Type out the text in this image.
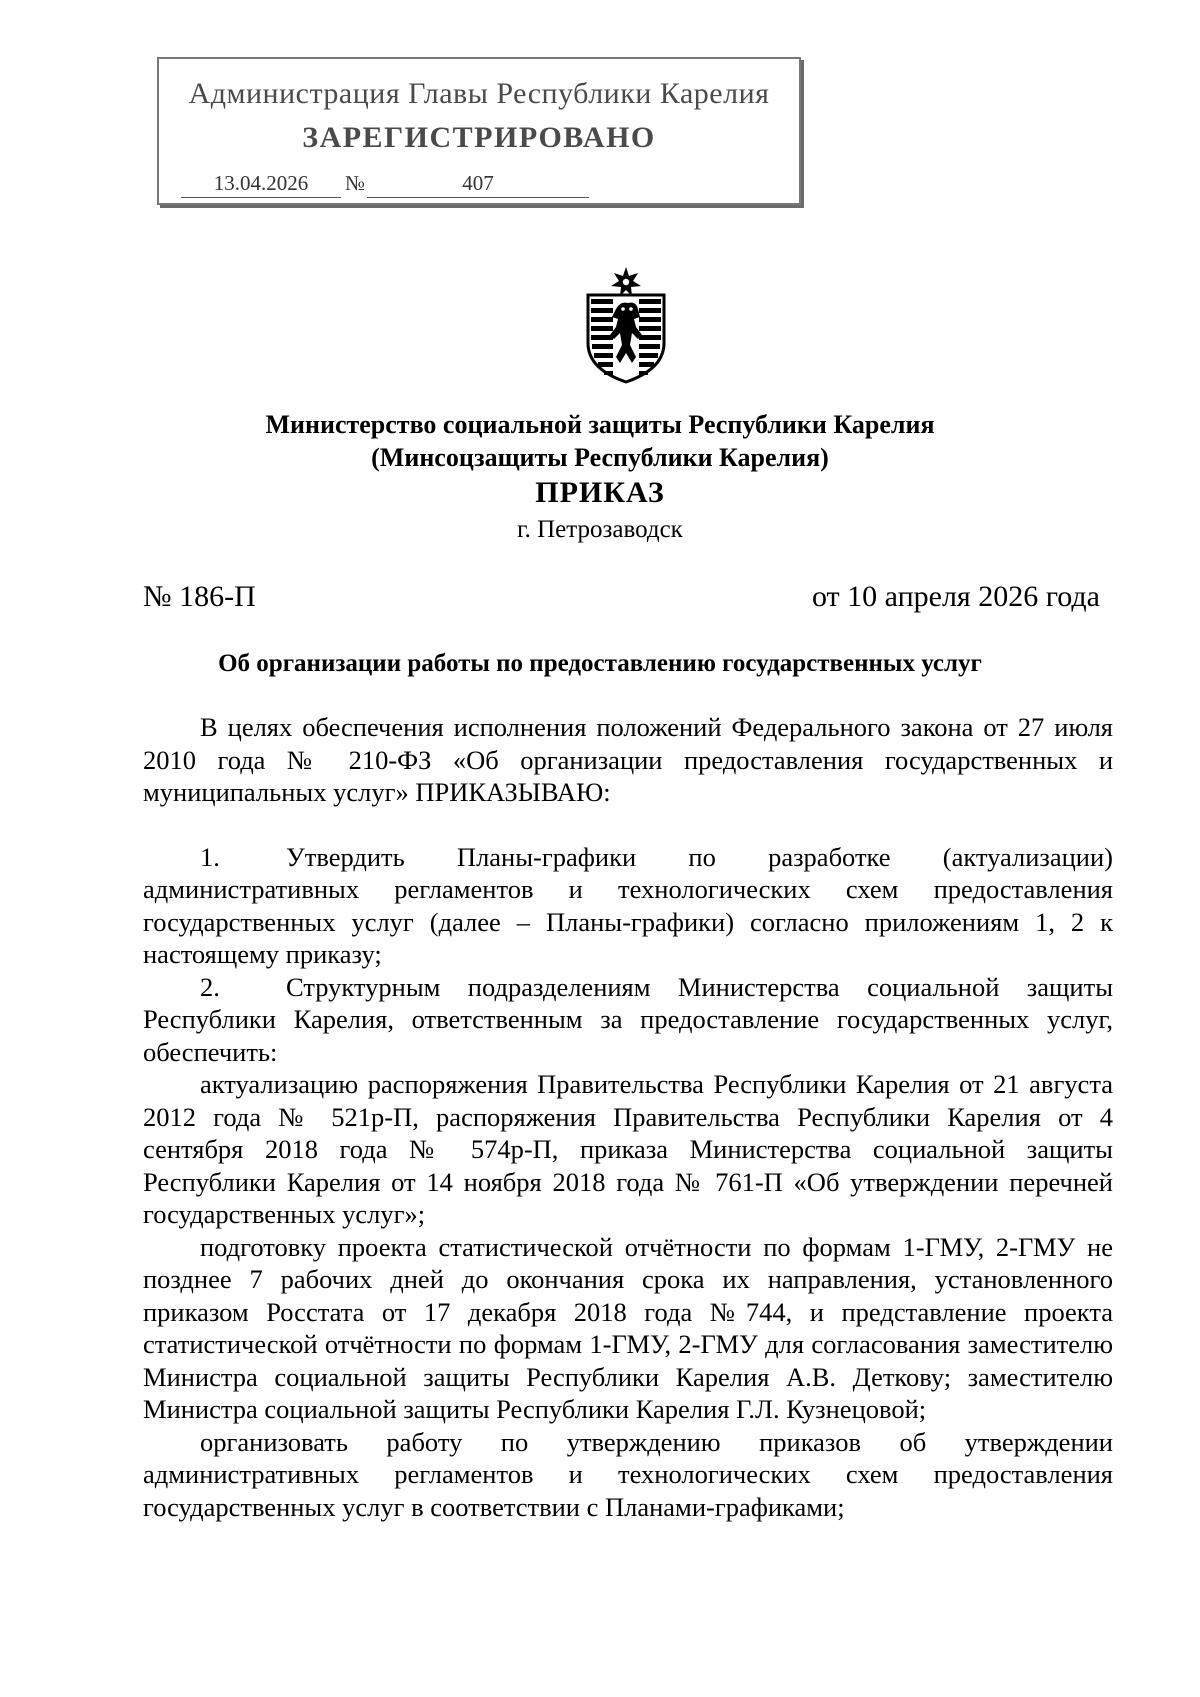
Администрация Главы Республики Карелия
ЗАРЕГИСТРИРОВАНО
13.04.2026 №	407
Министерство социальной защиты Республики Карелия
(Минсоцзащиты Республики Карелия)
ПРИКАЗ
г. Петрозаводск
№ 186-П	от 10 апреля 2026 года
Об организации работы по предоставлению государственных услуг

В целях обеспечения исполнения положений Федерального закона от 27 июля 2010 года № 210-ФЗ «Об организации предоставления государственных и муниципальных услуг» ПРИКАЗЫВАЮ:

1. Утвердить Планы-графики по разработке (актуализации) административных регламентов и технологических схем предоставления государственных услуг (далее – Планы-графики) согласно приложениям 1, 2 к настоящему приказу;

2. Структурным подразделениям Министерства социальной защиты Республики Карелия, ответственным за предоставление государственных услуг, обеспечить:

актуализацию распоряжения Правительства Республики Карелия от 21 августа 2012 года № 521р-П, распоряжения Правительства Республики Карелия от 4 сентября 2018 года № 574р-П, приказа Министерства социальной защиты Республики Карелия от 14 ноября 2018 года № 761-П «Об утверждении перечней государственных услуг»;

подготовку проекта статистической отчётности по формам 1-ГМУ, 2-ГМУ не позднее 7 рабочих дней до окончания срока их направления, установленного приказом Росстата от 17 декабря 2018 года №744, и представление проекта статистической отчётности по формам 1-ГМУ, 2-ГМУ для согласования заместителю Министра социальной защиты Республики Карелия А.В. Деткову; заместителю Министра социальной защиты Республики Карелия Г.Л. Кузнецовой;

организовать работу по утверждению приказов об утверждении административных регламентов и технологических схем предоставления государственных услуг в соответствии с Планами-графиками;
